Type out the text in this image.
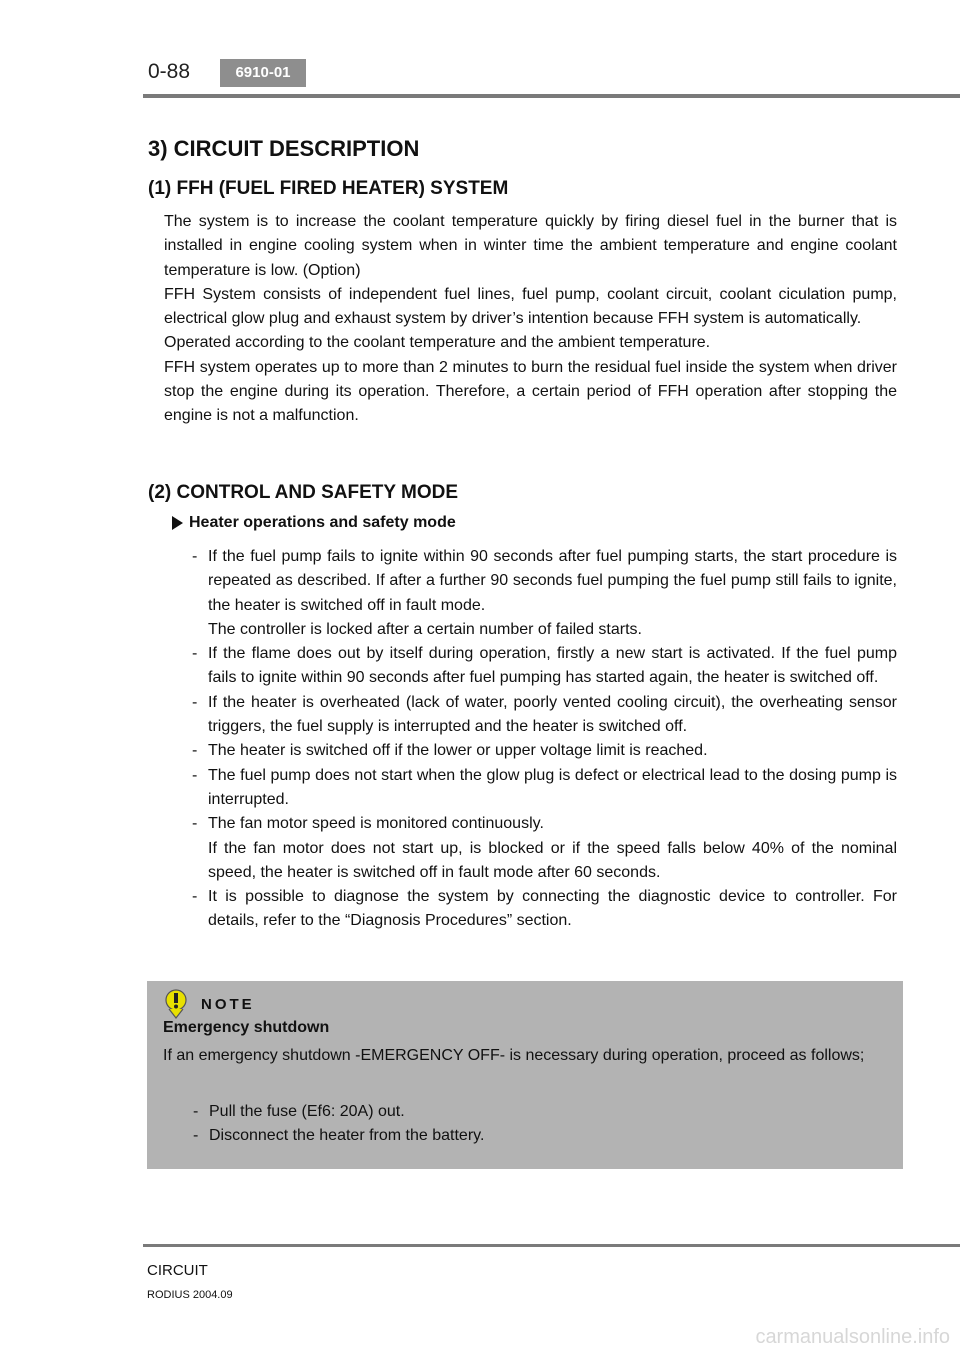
0-88	6910-01
3) CIRCUIT DESCRIPTION
(1) FFH (FUEL FIRED HEATER) SYSTEM

The system is to increase the coolant temperature quickly by firing diesel fuel in the burner that is installed in engine cooling system when in winter time the ambient temperature and engine coolant temperature is low. (Option)

FFH System consists of independent fuel lines, fuel pump, coolant circuit, coolant ciculation pump, electrical glow plug and exhaust system by driver’s intention because FFH system is automatically.

Operated according to the coolant temperature and the ambient temperature.

FFH system operates up to more than 2 minutes to burn the residual fuel inside the system when driver stop the engine during its operation. Therefore, a certain period of FFH operation after stopping the engine is not a malfunction.

(2) CONTROL AND SAFETY MODE
Heater operations and safety mode
- If the fuel pump fails to ignite within 90 seconds after fuel pumping starts, the start procedure is repeated as described. If after a further 90 seconds fuel pumping the fuel pump still fails to ignite, the heater is switched off in fault mode.

The controller is locked after a certain number of failed starts.

- If the flame does out by itself during operation, firstly a new start is activated. If the fuel pump fails to ignite within 90 seconds after fuel pumping has started again, the heater is switched off.

- If the heater is overheated (lack of water, poorly vented cooling circuit), the overheating sensor triggers, the fuel supply is interrupted and the heater is switched off.

- The heater is switched off if the lower or upper voltage limit is reached.

- The fuel pump does not start when the glow plug is defect or electrical lead to the dosing pump is interrupted.

- The fan motor speed is monitored continuously.

If the fan motor does not start up, is blocked or if the speed falls below 40% of the nominal speed, the heater is switched off in fault mode after 60 seconds.

- It is possible to diagnose the system by connecting the diagnostic device to controller. For details, refer to the “Diagnosis Procedures” section.

NOTE
Emergency shutdown

If an emergency shutdown -EMERGENCY OFF- is necessary during operation, proceed as follows;

- Pull the fuse (Ef6: 20A) out.
- Disconnect the heater from the battery.
CIRCUIT
RODIUS 2004.09
carmanualsonline.info
